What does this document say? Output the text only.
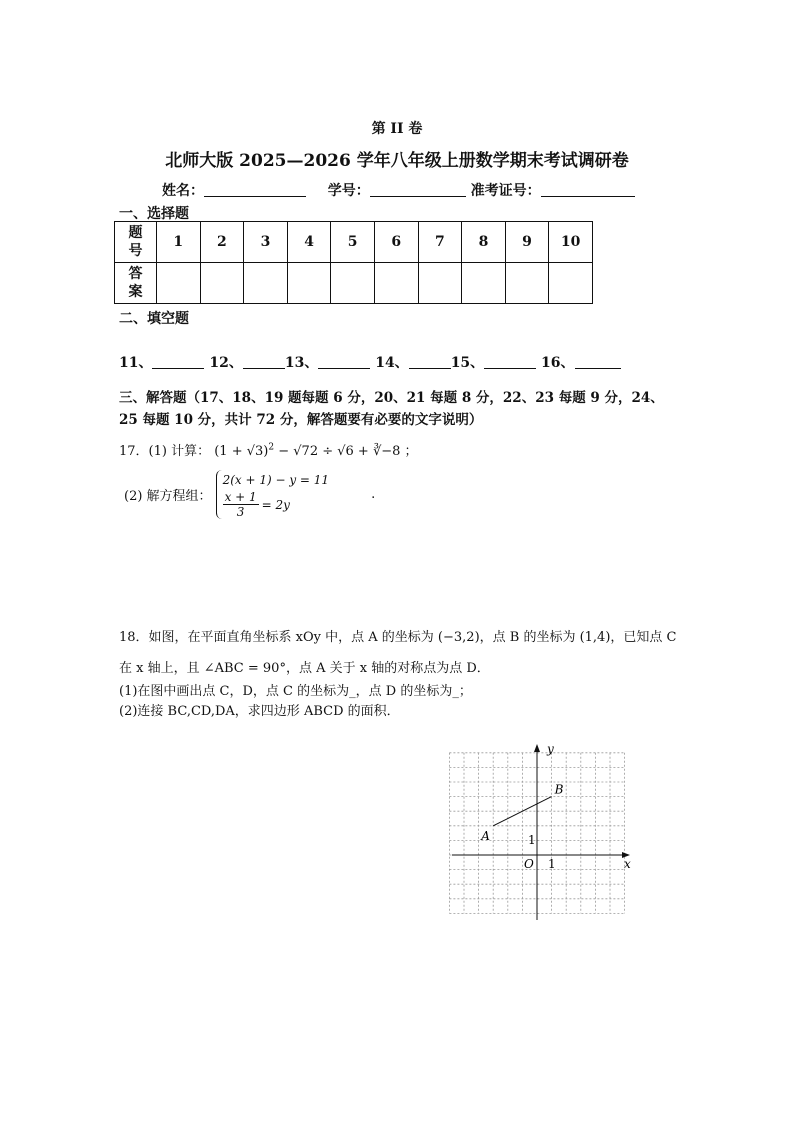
第 II 卷
北师大版 2025—2026 学年八年级上册数学期末考试调研卷
姓名：	学号：	准考证号：
一、选择题
题
号	1	2	3	4	5	6	7	8	9	10
答
案										
二、填空题
11、	12、	13、	14、	15、	16、
三、解答题（17、18、19 题每题 6 分，20、21 每题 8 分，22、23 每题 9 分，24、
25 每题 10 分，共计 72 分，解答题要有必要的文字说明）
17．(1) 计算： $(1 + √3)^2 - √72 \div √6$ + ∛−8 ；
(2) 解方程组：
2(x + 1) − y = 11
$\frac{x + 1}{3} = 2y$
.
18．如图，在平面直角坐标系 xOy 中，点 A 的坐标为 (−3,2)，点 B 的坐标为 (1,4)，已知点 C
在 x 轴上，且 ∠ABC = 90°，点 A 关于 x 轴的对称点为点 D．
(1)在图中画出点 C，D，点 C 的坐标为_，点 D 的坐标为_；
(2)连接 BC,CD,DA，求四边形 ABCD 的面积．
y
x
O 1
1
A
B
